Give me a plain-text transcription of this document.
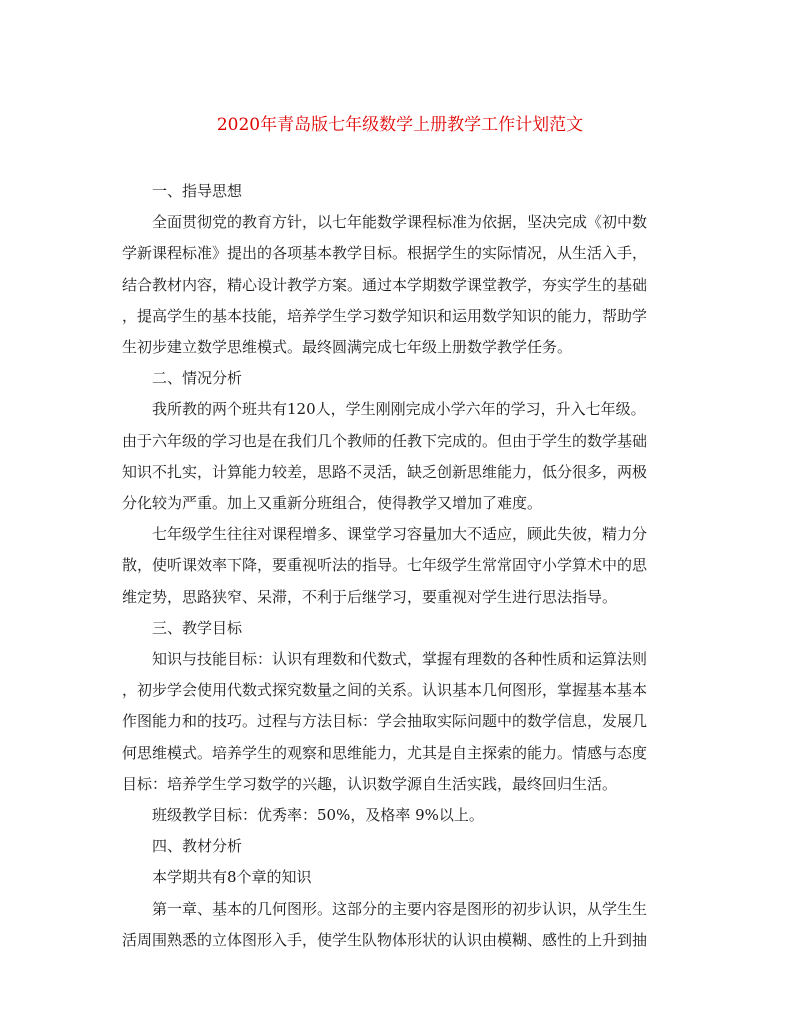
2020年青岛版七年级数学上册教学工作计划范文

一、指导思想

全面贯彻党的教育方针，以七年能数学课程标准为依据，坚决完成《初中数
学新课程标准》提出的各项基本教学目标。根据学生的实际情况，从生活入手，
结合教材内容，精心设计教学方案。通过本学期数学课堂教学，夯实学生的基础
，提高学生的基本技能，培养学生学习数学知识和运用数学知识的能力，帮助学
生初步建立数学思维模式。最终圆满完成七年级上册数学教学任务。

二、情况分析

我所教的两个班共有120人，学生刚刚完成小学六年的学习，升入七年级。
由于六年级的学习也是在我们几个教师的任教下完成的。但由于学生的数学基础
知识不扎实，计算能力较差，思路不灵活，缺乏创新思维能力，低分很多，两极
分化较为严重。加上又重新分班组合，使得教学又增加了难度。

七年级学生往往对课程增多、课堂学习容量加大不适应，顾此失彼，精力分
散，使听课效率下降，要重视听法的指导。七年级学生常常固守小学算术中的思
维定势，思路狭窄、呆滞，不利于后继学习，要重视对学生进行思法指导。

三、教学目标

知识与技能目标：认识有理数和代数式，掌握有理数的各种性质和运算法则
，初步学会使用代数式探究数量之间的关系。认识基本几何图形，掌握基本基本
作图能力和的技巧。过程与方法目标：学会抽取实际问题中的数学信息，发展几
何思维模式。培养学生的观察和思维能力，尤其是自主探索的能力。情感与态度
目标：培养学生学习数学的兴趣，认识数学源自生活实践，最终回归生活。

班级教学目标：优秀率：50%，及格率 9%以上。

四、教材分析

本学期共有8个章的知识

第一章、基本的几何图形。这部分的主要内容是图形的初步认识，从学生生
活周围熟悉的立体图形入手，使学生队物体形状的认识由模糊、感性的上升到抽
